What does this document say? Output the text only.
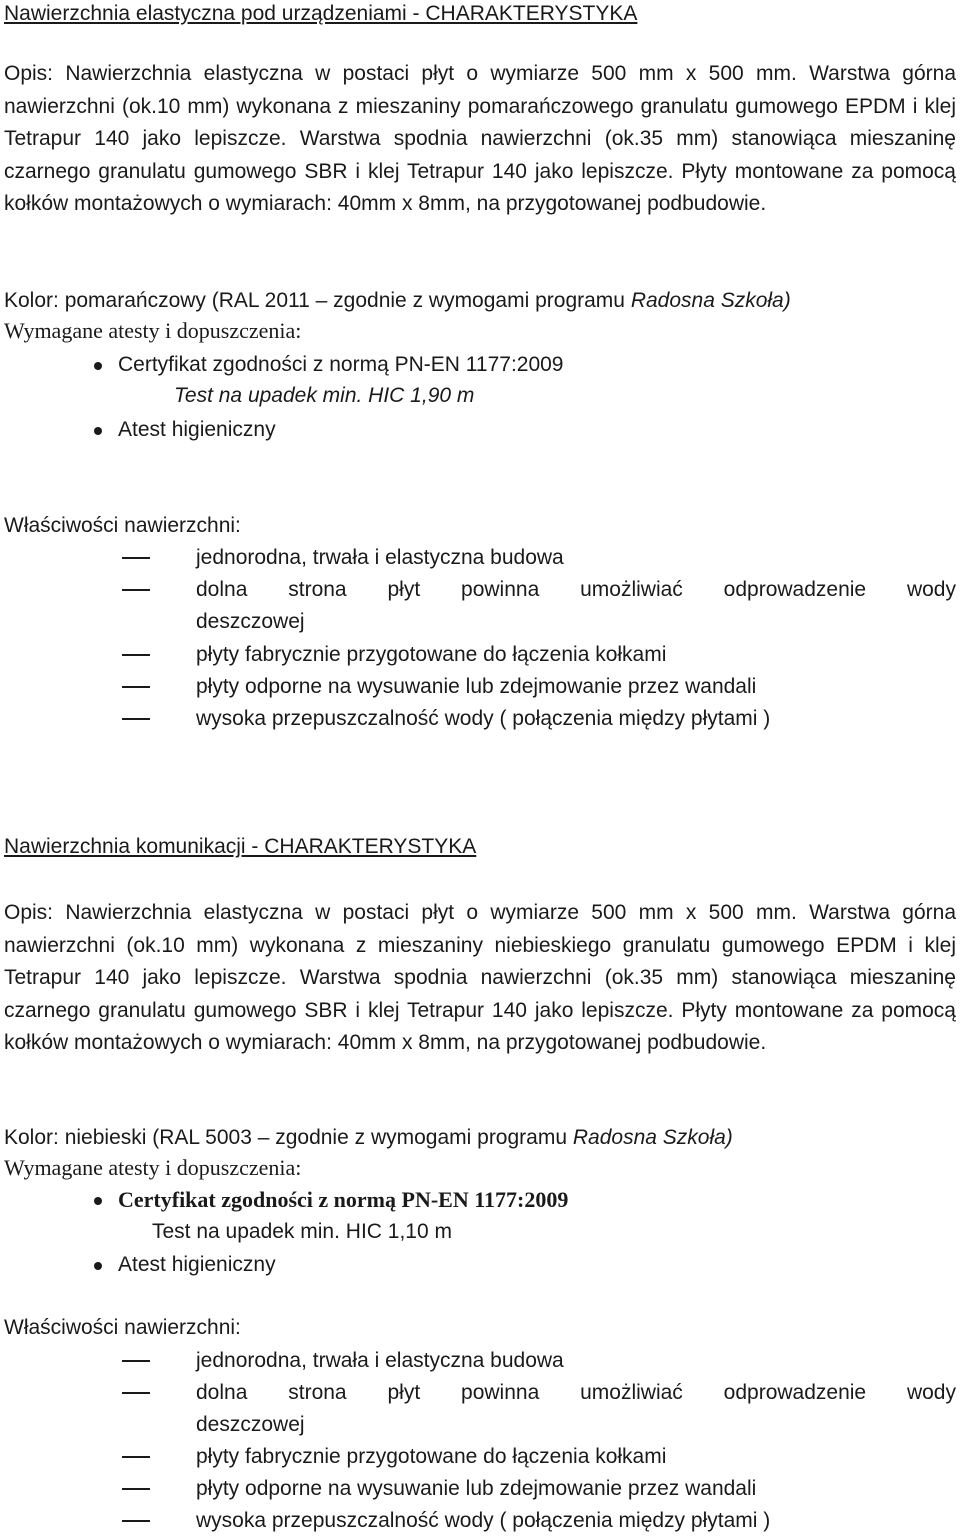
Nawierzchnia elastyczna pod urządzeniami - CHARAKTERYSTYKA

Opis: Nawierzchnia elastyczna w postaci płyt o wymiarze 500 mm x 500 mm. Warstwa górna nawierzchni (ok.10 mm) wykonana z mieszaniny pomarańczowego granulatu gumowego EPDM i klej Tetrapur 140 jako lepiszcze. Warstwa spodnia nawierzchni (ok.35 mm) stanowiąca mieszaninę czarnego granulatu gumowego SBR i klej Tetrapur 140 jako lepiszcze. Płyty montowane za pomocą kołków montażowych o wymiarach: 40mm x 8mm, na przygotowanej podbudowie.

Kolor: pomarańczowy (RAL 2011 – zgodnie z wymogami programu Radosna Szkoła)
Wymagane atesty i dopuszczenia:
Certyfikat zgodności z normą PN-EN 1177:2009
Test na upadek min. HIC 1,90 m
Atest higieniczny
Właściwości nawierzchni:
jednorodna, trwała i elastyczna budowa
dolna strona płyt powinna umożliwiać odprowadzenie wody
deszczowej
płyty fabrycznie przygotowane do łączenia kołkami
płyty odporne na wysuwanie lub zdejmowanie przez wandali
wysoka przepuszczalność wody ( połączenia między płytami )
Nawierzchnia komunikacji - CHARAKTERYSTYKA

Opis: Nawierzchnia elastyczna w postaci płyt o wymiarze 500 mm x 500 mm. Warstwa górna nawierzchni (ok.10 mm) wykonana z mieszaniny niebieskiego granulatu gumowego EPDM i klej Tetrapur 140 jako lepiszcze. Warstwa spodnia nawierzchni (ok.35 mm) stanowiąca mieszaninę czarnego granulatu gumowego SBR i klej Tetrapur 140 jako lepiszcze. Płyty montowane za pomocą kołków montażowych o wymiarach: 40mm x 8mm, na przygotowanej podbudowie.

Kolor: niebieski (RAL 5003 – zgodnie z wymogami programu Radosna Szkoła)
Wymagane atesty i dopuszczenia:
Certyfikat zgodności z normą PN-EN 1177:2009
Test na upadek min. HIC 1,10 m
Atest higieniczny
Właściwości nawierzchni:
jednorodna, trwała i elastyczna budowa
dolna strona płyt powinna umożliwiać odprowadzenie wody
deszczowej
płyty fabrycznie przygotowane do łączenia kołkami
płyty odporne na wysuwanie lub zdejmowanie przez wandali
wysoka przepuszczalność wody ( połączenia między płytami )
